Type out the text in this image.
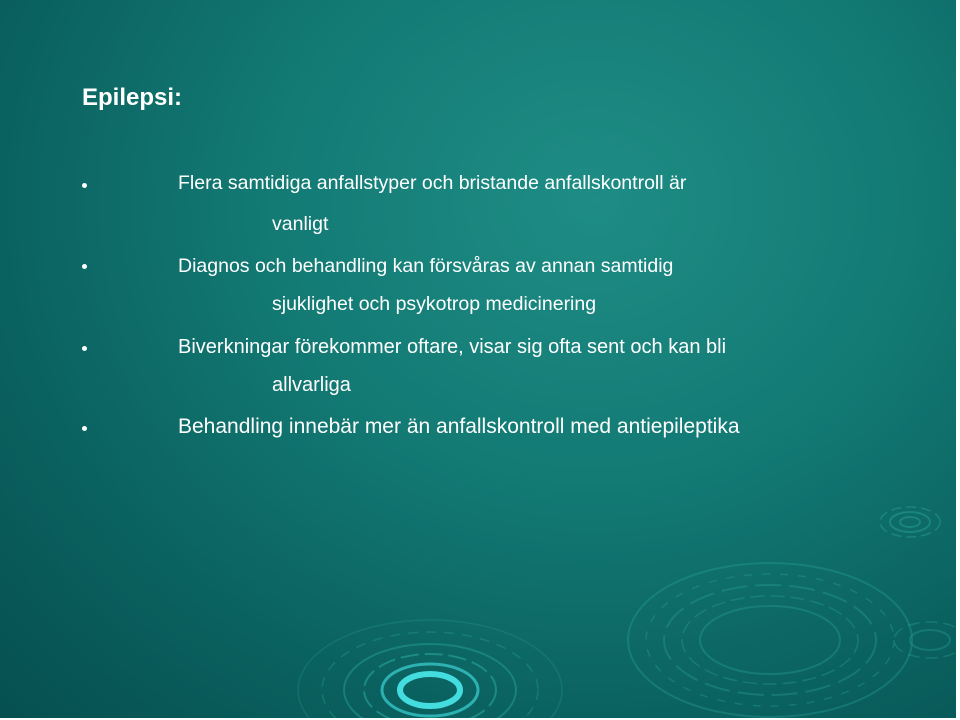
Epilepsi:
Flera samtidiga anfallstyper och bristande anfallskontroll är
vanligt
Diagnos och behandling kan försvåras av annan samtidig
sjuklighet och psykotrop medicinering
Biverkningar förekommer oftare, visar sig ofta sent och kan bli
allvarliga
Behandling innebär mer än anfallskontroll med antiepileptika
